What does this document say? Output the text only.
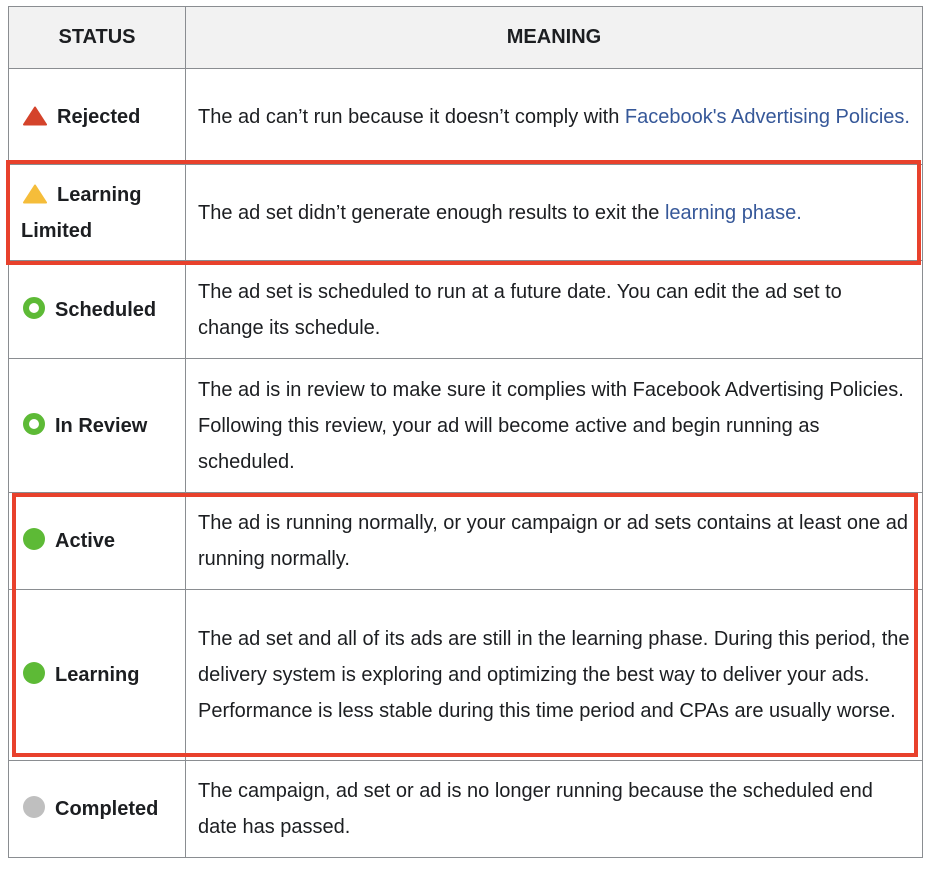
STATUS	MEANING
Rejected	The ad can’t run because it doesn’t comply with Facebook's Advertising Policies.

Learning
Limited	The ad set didn’t generate enough results to exit the learning phase.
Scheduled	The ad set is scheduled to run at a future date. You can edit the ad set to change its schedule.
In Review	The ad is in review to make sure it complies with Facebook Advertising Policies. Following this review, your ad will become active and begin running as scheduled.
Active	The ad is running normally, or your campaign or ad sets contains at least one ad running normally.
Learning	The ad set and all of its ads are still in the learning phase. During this period, the delivery system is exploring and optimizing the best way to deliver your ads. Performance is less stable during this time period and CPAs are usually worse.
Completed	The campaign, ad set or ad is no longer running because the scheduled end date has passed.
